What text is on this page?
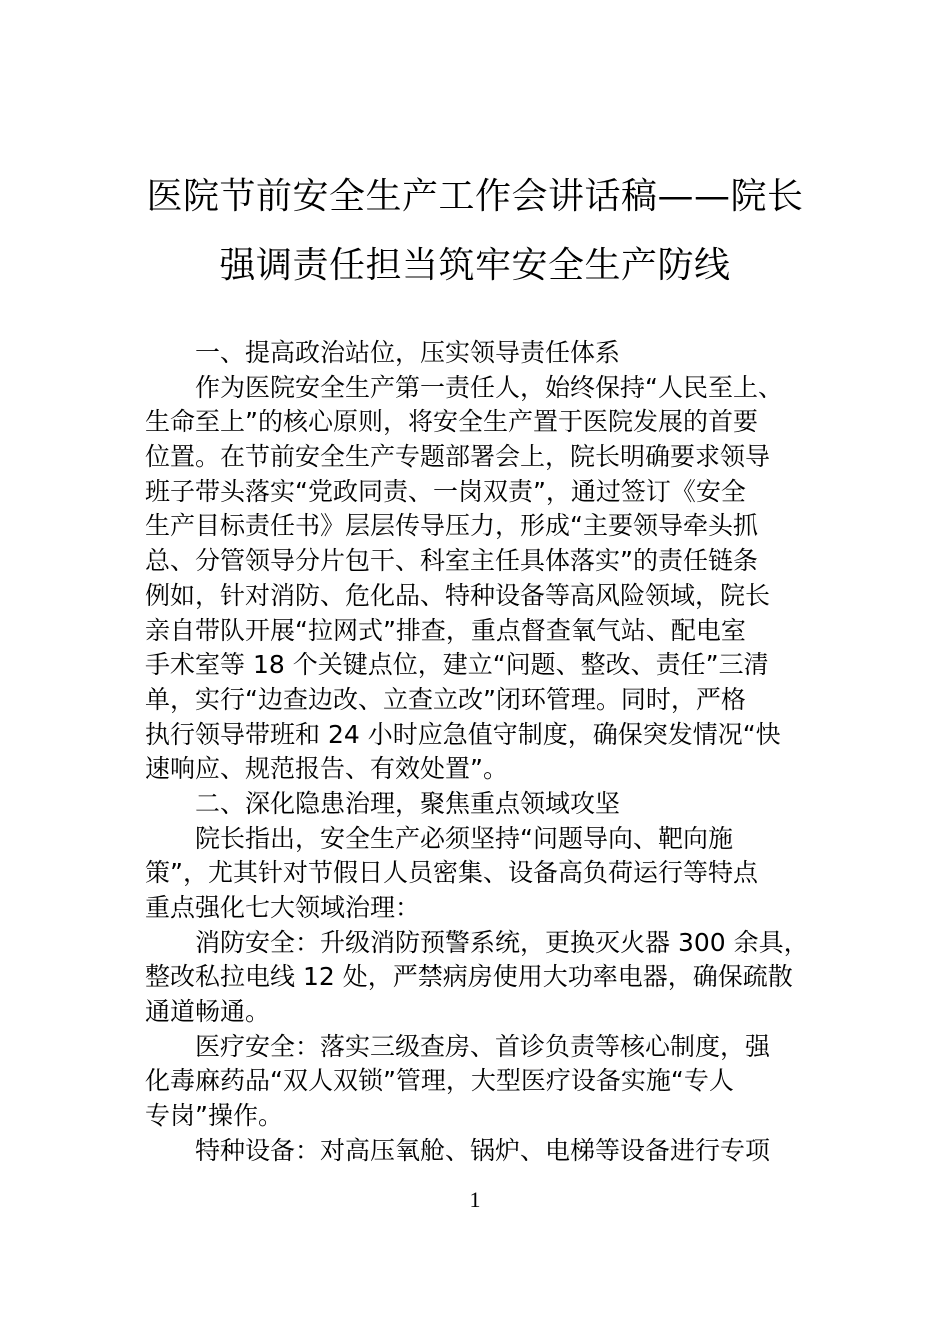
医院节前安全生产工作会讲话稿——院长
强调责任担当筑牢安全生产防线
一、提高政治站位，压实领导责任体系
作为医院安全生产第一责任人，始终保持“人民至上、
生命至上”的核心原则，将安全生产置于医院发展的首要
位置。在节前安全生产专题部署会上，院长明确要求领导
班子带头落实“党政同责、一岗双责”，通过签订《安全
生产目标责任书》层层传导压力，形成“主要领导牵头抓
总、分管领导分片包干、科室主任具体落实”的责任链条
例如，针对消防、危化品、特种设备等高风险领域，院长
亲自带队开展“拉网式”排查，重点督查氧气站、配电室
手术室等 18 个关键点位，建立“问题、整改、责任”三清
单，实行“边查边改、立查立改”闭环管理。同时，严格
执行领导带班和 24 小时应急值守制度，确保突发情况“快
速响应、规范报告、有效处置”。
二、深化隐患治理，聚焦重点领域攻坚
院长指出，安全生产必须坚持“问题导向、靶向施
策”，尤其针对节假日人员密集、设备高负荷运行等特点
重点强化七大领域治理：
消防安全：升级消防预警系统，更换灭火器 300 余具，
整改私拉电线 12 处，严禁病房使用大功率电器，确保疏散
通道畅通。
医疗安全：落实三级查房、首诊负责等核心制度，强
化毒麻药品“双人双锁”管理，大型医疗设备实施“专人
专岗”操作。
特种设备：对高压氧舱、锅炉、电梯等设备进行专项
1
